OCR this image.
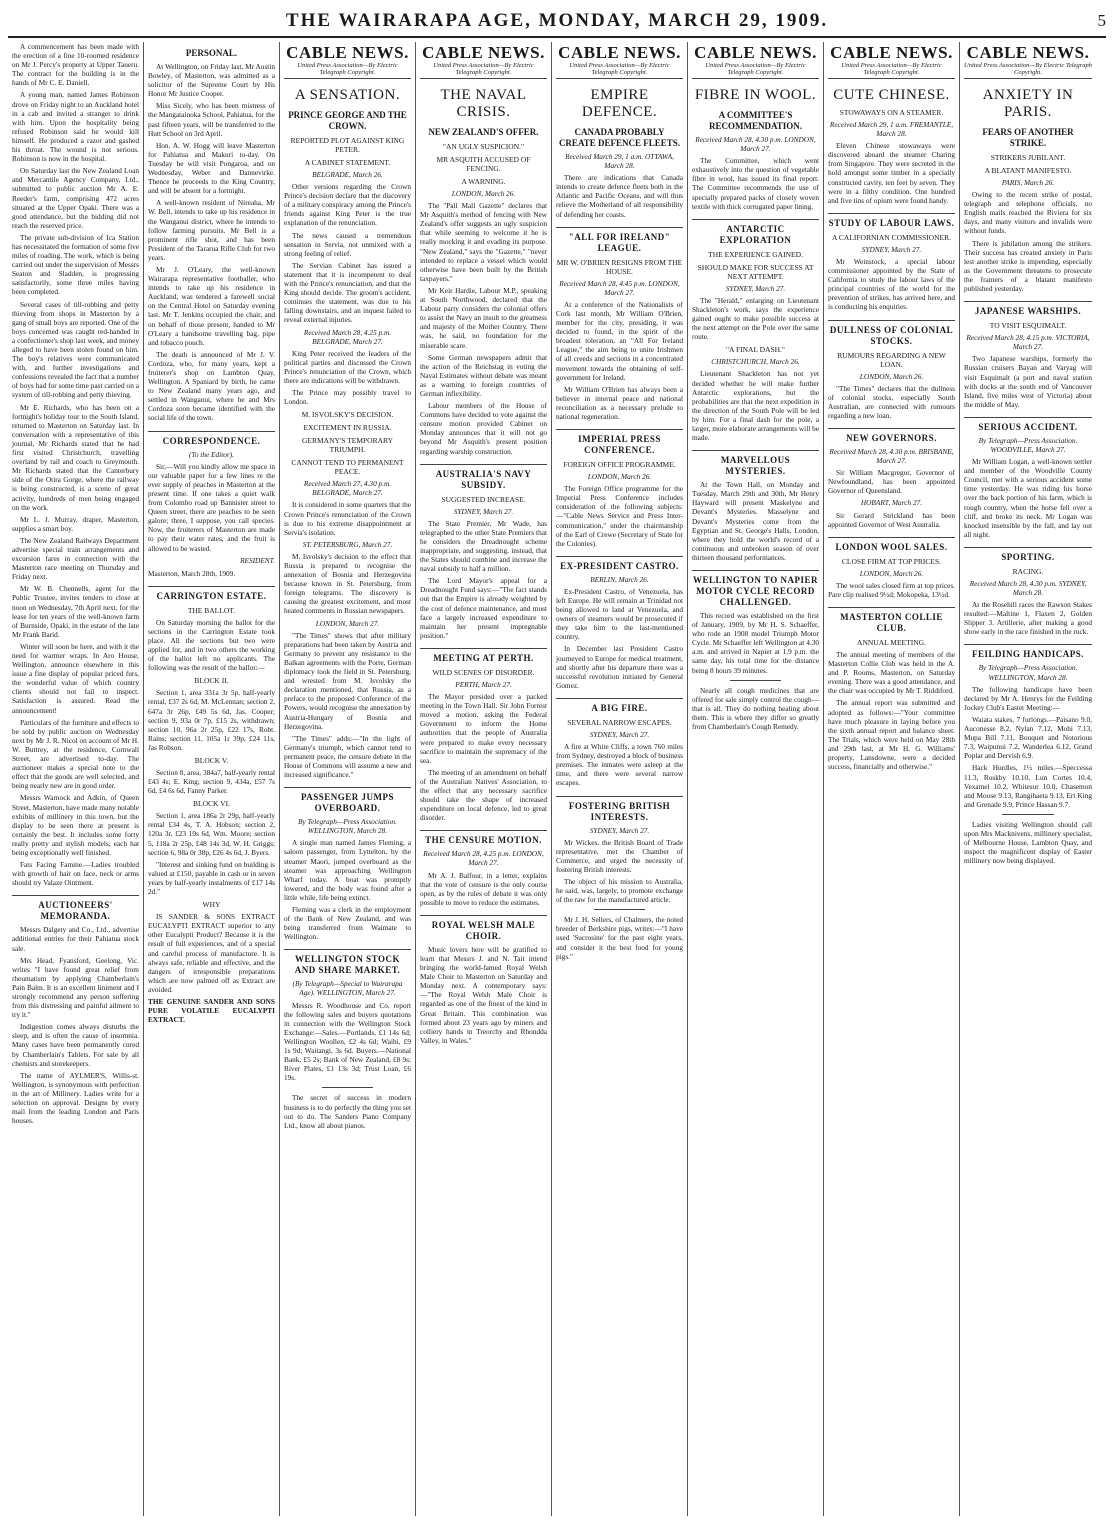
THE WAIRARAPA AGE, MONDAY, MARCH 29, 1909.	5

A commencement has been made with the erection of a fine 10-roomed residence on Mr J. Percy's property at Upper Taueru. The contract for the building is in the hands of Mr C. E. Daniell.

A young man, named James Robinson drove on Friday night to an Auckland hotel in a cab and invited a stranger to drink with him. Upon the hospitality being refused Robinson said he would kill himself. He produced a razor and gashed his throat. The wound is not serious. Robinson is now in the hospital.

On Saturday last the New Zealand Loan and Mercantile Agency Company, Ltd., submitted to public auction Mr A. E. Reeder's farm, comprising 472 acres situated at the Upper Opaki. There was a good attendance, but the bidding did not reach the reserved price.

The private sub-division of Ica Station has necessitated the formation of some five miles of roading. The work, which is being carried out under the supervision of Messrs Seaton and Sladden, is progressing satisfactorily, some three miles having been completed.

Several cases of till-robbing and petty thieving from shops in Masterton by a gang of small boys are reported. One of the boys concerned was caught red-handed in a confectioner's shop last week, and money alleged to have been stolen found on him. The boy's relatives were communicated with, and further investigations and confessions revealed the fact that a number of boys had for some time past carried on a system of till-robbing and petty thieving.

Mr E. Richards, who has been on a fortnight's holiday tour to the South Island, returned to Masterton on Saturday last. In conversation with a representative of this journal, Mr Richards stated that he had first visited Christchurch, travelling overland by rail and coach to Greymouth. Mr Richards stated that the Canterbury side of the Otira Gorge, where the railway is being constructed, is a scene of great activity, hundreds of men being engaged on the work.

Mr L. J. Murray, draper, Masterton, supplies a smart boy.

The New Zealand Railways Department advertise special train arrangements and excursion fares in connection with the Masterton race meeting on Thursday and Friday next.

Mr W. B. Chennells, agent for the Public Trustee, invites tenders to close at noon on Wednesday, 7th April next, for the lease for ten years of the well-known farm of Burnside, Opaki, in the estate of the late Mr Frank Barid.

Winter will soon be here, and with it the need for warmer wraps. In Aro House, Wellington, announce elsewhere in this issue a fine display of popular priced furs, the wonderful value of which country clients should not fail to inspect. Satisfaction is assured. Read the announcement!

Particulars of the furniture and effects to be sold by public auction on Wednesday next by Mr J. R. Nicol on account of Mr H. W. Buttrey, at the residence, Cornwall Street, are advertised to-day. The auctioneer makes a special note to the effect that the goods are well selected, and being nearly new are in good order.

Messrs Warnock and Adkin, of Queen Street, Masterton, have made many notable exhibits of millinery in this town, but the display to be seen there at present is certainly the best. It includes some forty really pretty and stylish models, each hat being exceptionally well finished.

Fats Facing Famine.—Ladies troubled with growth of hair on face, neck or arms should try Valaze Ointment.

AUCTIONEERS' MEMORANDA.

Messrs Dalgety and Co., Ltd., advertise additional entries for their Pahiatua stock sale.

Mrs Head, Fyansford, Geelong, Vic. writes "I have found great relief from rheumatism by applying Chamberlain's Pain Balm. It is an excellent liniment and I strongly recommend any person suffering from this distressing and painful ailment to try it."

Indigestion comes always disturbs the sleep, and is often the cause of insomnia. Many cases have been permanently cured by Chamberlain's Tablets. For sale by all chemists and storekeepers.

The name of AYLMER'S, Willis-st. Wellington, is synonymous with perfection in the art of Millinery. Ladies write for a selection on approval. Designs by every mail from the leading London and Paris houses.

PERSONAL.

At Wellington, on Friday last, Mr Austin Bowley, of Masterton, was admitted as a solicitor of the Supreme Court by His Honor Mr Justice Cooper.

Miss Sicely, who has been mistress of the Mangatainoka School, Pahiatua, for the past fifteen years, will be transferred to the Hutt School on 3rd April.

Hon. A. W. Hogg will leave Masterton for Pahiatua and Makuri to-day. On Tuesday he will visit Pongaroa, and on Wednesday, Weber and Dannevirke. Thence he proceeds to the King Country, and will be absent for a fortnight.

A well-known resident of Nireaha, Mr W. Bell, intends to take up his residence in the Wanganui district, where he intends to follow farming pursuits. Mr Bell is a prominent rifle shot, and has been President of the Tararua Rifle Club for two years.

Mr J. O'Leary, the well-known Wairarapa representative footballer, who intends to take up his residence in Auckland, was tendered a farewell social on the Central Hotel on Saturday evening last. Mr T. Jenkins occupied the chair, and on behalf of those present, handed to Mr O'Leary a handsome travelling bag, pipe and tobacco pouch.

The death is announced of Mr J. V. Cordoza, who, for many years, kept a fruiterer's shop on Lambton Quay, Wellington. A Spaniard by birth, he came to New Zealand many years ago, and settled in Wanganui, where he and Mrs Cordoza soon became identified with the social life of the town.

CORRESPONDENCE.
(To the Editor).

Sir,—Will you kindly allow me space in our valuable paper for a few lines re the ever supply of peaches in Masterton at the present time. If one takes a quiet walk from Colombo road up Bannister street to Queen street, there are peaches to be seen galore; three, I suppose, you call species. Now, the fruiterers of Masterton are made to pay their water rates, and the fruit is allowed to be wasted.

RESIDENT.

Masterton, March 28th, 1909.

CARRINGTON ESTATE.
THE BALLOT.

On Saturday morning the ballot for the sections in the Carrington Estate took place. All the sections but two were applied for, and in two others the working of the ballot left no applicants. The following was the result of the ballot:—

BLOCK II.

Section 1, area 331a 3r 5p, half-yearly rental, £37 2s 6d, M. McLennan; section 2, 647a 3r 26p, £49 5s 6d, Jas. Cooper; section 9, 93a 0r 7p, £15 2s, withdrawn; section 10, 96a 2r 25p, £22 17s, Robt. Rains; section 11, 105a 1r 39p, £24 11s, Jas Robson.

BLOCK V.

Section 8, area, 384a7, half-yearly rental £43 4s; E. King; section 9, 434a, £57 7s 6d, £4 6s 6d, Fanny Parker.

BLOCK VI.

Section 1, area 186a 2r 29p, half-yearly rental £34 4s, T. A. Hobson; section 2, 120a 3r, £23 19s 6d, Wm. Moore; section 5, 118a 2r 25p, £48 14s 3d, W. H. Griggs; section 6, 98a 0r 38p, £26 4s 6d, J. Byers.

"Interest and sinking fund on building is valued at £150, payable in cash or in seven years by half-yearly instalments of £17 14s 2d."

WHY

IS SANDER & SONS EXTRACT EUCALYPTI EXTRACT superior to any other Eucalypti Product? Because it is the result of full experiences, and of a special and careful process of manufacture. It is always safe, reliable and effective, and the dangers of irresponsible preparations which are now palmed off as Extract are avoided.

THE GENUINE SANDER AND SONS PURE VOLATILE EUCALYPTI EXTRACT.

CABLE NEWS.
United Press Association—By Electric Telegraph Copyright.
A SENSATION.
PRINCE GEORGE AND THE CROWN.
REPORTED PLOT AGAINST KING PETER.
A CABINET STATEMENT.
BELGRADE, March 26.

Other versions regarding the Crown Prince's decision declare that the discovery of a military conspiracy among the Prince's friends against King Peter is the true explanation of the renunciation.

The news caused a tremendous sensation in Servia, not unmixed with a strong feeling of relief.

The Servian Cabinet has issued a statement that it is incompetent to deal with the Prince's renunciation, and that the King should decide. The groom's accident, continues the statement, was due to his falling downstairs, and an inquest failed to reveal external injuries.

Received March 28, 4.25 p.m. BELGRADE, March 27.

King Peter received the leaders of the political parties and discussed the Crown Prince's renunciation of the Crown, which there are indications will be withdrawn.

The Prince may possibly travel to London.

M. ISVOLSKY'S DECISION.
EXCITEMENT IN RUSSIA.
GERMANY'S TEMPORARY TRIUMPH.
CANNOT TEND TO PERMANENT PEACE.
Received March 27, 4.30 p.m. BELGRADE, March 27.

It is considered in some quarters that the Crown Prince's renunciation of the Crown is due to his extreme disappointment at Servia's isolation.

ST. PETERSBURG, March 27.

M. Isvolsky's decision to the effect that Russia is prepared to recognise the annexation of Bosnia and Herzegovina because known in St. Petersburg, from foreign telegrams. The discovery is causing the greatest excitement, and most heated comments in Russian newspapers.

LONDON, March 27.

"The Times" shows that after military preparations had been taken by Austria and Germany to prevent any resistance to the Balkan agreements with the Porte, German diplomacy took the field in St. Petersburg, and wrested from M. Isvolsky the declaration mentioned, that Russia, as a preface to the proposed Conference of the Powers, would recognise the annexation by Austria-Hungary of Bosnia and Herzegovina.

"The Times" adds:—"In the light of Germany's triumph, which cannot tend to permanent peace, the censure debate in the House of Commons will assume a new and increased significance."

PASSENGER JUMPS OVERBOARD.
By Telegraph—Press Association. WELLINGTON, March 28.

A single man named James Fleming, a saloon passenger, from Lyttelton, by the steamer Maori, jumped overboard as the steamer was approaching Wellington Wharf today. A boat was promptly lowered, and the body was found after a little while, life being extinct.

Fleming was a clerk in the employment of the Bank of New Zealand, and was being transferred from Waimate to Wellington.

WELLINGTON STOCK AND SHARE MARKET.
(By Telegraph—Special to Wairarapa Age). WELLINGTON, March 27.

Messrs R. Woodhouse and Co. report the following sales and buyers quotations in connection with the Wellington Stock Exchange:—Sales.—Portlands, £1 14s 6d; Wellington Woollen, £2 4s 6d; Waihi, £9 1s 9d; Waitangi, 3s 6d. Buyers.—National Bank, £5 2s; Bank of New Zealand, £8 9s; River Plates, £1 13s 3d; Trust Loan, £6 19s.

The secret of success in modern business is to do perfectly the thing you set out to do. The Sanders Piano Company Ltd., know all about pianos.

CABLE NEWS.
United Press Association—By Electric Telegraph Copyright.
THE NAVAL CRISIS.
NEW ZEALAND'S OFFER.
"AN UGLY SUSPICION."
MR ASQUITH ACCUSED OF FENCING.
A WARNING.
LONDON, March 26.

The "Pall Mall Gazette" declares that Mr Asquith's method of fencing with New Zealand's offer suggests an ugly suspicion that while seeming to welcome it he is really mocking it and evading its purpose. "New Zealand," says the "Gazette," "never intended to replace a vessel which would otherwise have been built by the British taxpayers."

Mr Keir Hardie, Labour M.P., speaking at South Northwood, declared that the Labour party considers the colonial offers to assist the Navy an insult to the greatness and majesty of the Mother Country. There was, he said, no foundation for the miserable scare.

Some German newspapers admit that the action of the Reichstag in voting the Naval Estimates without debate was meant as a warning to foreign countries of German inflexibility.

Labour members of the House of Commons have decided to vote against the censure motion provided Cabinet on Monday announces that it will not go beyond Mr Asquith's present position regarding warship construction.

AUSTRALIA'S NAVY SUBSIDY.
SUGGESTED INCREASE.
SYDNEY, March 27.

The State Premier, Mr Wade, has telegraphed to the other State Premiers that he considers the Dreadnought scheme inappropriate, and suggesting, instead, that the States should combine and increase the naval subsidy to half a million.

The Lord Mayor's appeal for a Dreadnought Fund says:—"The fact stands out that the Empire is already weighted by the cost of defence maintenance, and must face a largely increased expenditure to maintain her present impregnable position."

MEETING AT PERTH.
WILD SCENES OF DISORDER.
PERTH, March 27.

The Mayor presided over a packed meeting in the Town Hall. Sir John Forrest moved a motion, asking the Federal Government to inform the Home authorities that the people of Australia were prepared to make every necessary sacrifice to maintain the supremacy of the sea.

The meeting of an amendment on behalf of the Australian Natives' Association, to the effect that any necessary sacrifice should take the shape of increased expenditure on local defence, led to great disorder.

THE CENSURE MOTION.
Received March 28, 4.25 p.m. LONDON, March 27.

Mr A. J. Balfour, in a letter, explains that the vote of censure is the only course open, as by the rules of debate it was only possible to move to reduce the estimates.

ROYAL WELSH MALE CHOIR.

Music lovers here will be gratified to learn that Messrs J. and N. Tait intend bringing the world-famed Royal Welsh Male Choir to Masterton on Saturday and Monday next. A contemporary says:—"The Royal Welsh Male Choir is regarded as one of the finest of the kind in Great Britain. This combination was formed about 23 years ago by miners and colliery hands in Treorchy and Rhondda Valley, in Wales."

CABLE NEWS.
United Press Association—By Electric Telegraph Copyright.
EMPIRE DEFENCE.
CANADA PROBABLY CREATE DEFENCE FLEETS.
Received March 29, 1 a.m. OTTAWA, March 28.

There are indications that Canada intends to create defence fleets both in the Atlantic and Pacific Oceans, and will thus relieve the Motherland of all responsibility of defending her coasts.

"ALL FOR IRELAND" LEAGUE.
MR W. O'BRIEN RESIGNS FROM THE HOUSE.
Received March 28, 4.45 p.m. LONDON, March 27.

At a conference of the Nationalists of Cork last month, Mr William O'Brien, member for the city, presiding, it was decided to found, in the spirit of the broadest toleration, an "All For Ireland League," the aim being to unite Irishmen of all creeds and sections in a concentrated movement towards the obtaining of self-government for Ireland.

Mr William O'Brien has always been a believer in internal peace and national reconciliation as a necessary prelude to national regeneration.

IMPERIAL PRESS CONFERENCE.
FOREIGN OFFICE PROGRAMME.
LONDON, March 26.

The Foreign Office programme for the Imperial Press Conference includes consideration of the following subjects:—"Cable News Service and Press Inter-communication," under the chairmanship of the Earl of Crewe (Secretary of State for the Colonies).

EX-PRESIDENT CASTRO.
BERLIN, March 26.

Ex-President Castro, of Venezuela, has left Europe. He will remain at Trinidad not being allowed to land at Venezuela, and owners of steamers would be prosecuted if they take him to the last-mentioned country.

In December last President Castro journeyed to Europe for medical treatment, and shortly after his departure there was a successful revolution initiated by General Gomez.

A BIG FIRE.
SEVERAL NARROW ESCAPES.
SYDNEY, March 27.

A fire at White Cliffs, a town 760 miles from Sydney, destroyed a block of business premises. The inmates were asleep at the time, and there were several narrow escapes.

FOSTERING BRITISH INTERESTS.
SYDNEY, March 27.

Mr Wickes, the British Board of Trade representative, met the Chamber of Commerce, and urged the necessity of fostering British interests.

The object of his mission to Australia, he said, was, largely, to promote exchange of the raw for the manufactured article.

Mr J. H. Sellers, of Chalmers, the noted breeder of Berkshire pigs, writes:—"I have used 'Sucrosine' for the past eight years, and consider it the best food for young pigs."

CABLE NEWS.
United Press Association—By Electric Telegraph Copyright.
FIBRE IN WOOL.
A COMMITTEE'S RECOMMENDATION.
Received March 28, 4.30 p.m. LONDON, March 27.

The Committee, which went exhaustively into the question of vegetable fibre in wool, has issued its final report. The Committee recommends the use of specially prepared packs of closely woven textile with thick corrugated paper lining.

ANTARCTIC EXPLORATION
THE EXPERIENCE GAINED.
SHOULD MAKE FOR SUCCESS AT NEXT ATTEMPT.
SYDNEY, March 27.

The "Herald," enlarging on Lieutenant Shackleton's work, says the experience gained ought to make possible success at the next attempt on the Pole over the same route.

"A FINAL DASH."
CHRISTCHURCH, March 26.

Lieutenant Shackleton has not yet decided whether he will make further Antarctic explorations, but the probabilities are that the next expedition in the direction of the South Pole will be led by him. For a final dash for the pole, a larger, more elaborate arrangements will be made.

MARVELLOUS MYSTERIES.

At the Town Hall, on Monday and Tuesday, March 29th and 30th, Mr Henry Hayward will present Maskelyne and Devant's Mysteries. Masselyne and Devant's Mysteries come from the Egyptian and St. George's Halls, London, where they hold the world's record of a continuous and unbroken season of over thirteen thousand performances.

WELLINGTON TO NAPIER MOTOR CYCLE RECORD CHALLENGED.

This record was established on the first of January, 1909, by Mr H. S. Schaeffer, who rode an 1908 model Triumph Motor Cycle. Mr Schaeffer left Wellington at 4.30 a.m. and arrived in Napier at 1.9 p.m. the same day, his total time for the distance being 8 hours 39 minutes.

Nearly all cough medicines that are offered for sale simply control the cough—that is all. They do nothing healing about them. This is where they differ so greatly from Chamberlain's Cough Remedy.

CABLE NEWS.
United Press Association—By Electric Telegraph Copyright.
CUTE CHINESE.
STOWAWAYS ON A STEAMER.
Received March 29, 1 a.m. FREMANTLE, March 28.

Eleven Chinese stowaways were discovered aboard the steamer Charing from Singapore. They were secreted in the hold amongst some timber in a specially constructed cavity, ten feet by seven. They were in a filthy condition. One hundred and five tins of opium were found handy.

STUDY OF LABOUR LAWS.
A CALIFORNIAN COMMISSIONER.
SYDNEY, March 27.

Mr Weinstock, a special labour commissioner appointed by the State of California to study the labour laws of the principal countries of the world for the prevention of strikes, has arrived here, and is conducting his enquiries.

DULLNESS OF COLONIAL STOCKS.
RUMOURS REGARDING A NEW LOAN.
LONDON, March 26.

"The Times" declares that the dullness of colonial stocks, especially South Australian, are connected with rumours regarding a new loan.

NEW GOVERNORS.
Received March 28, 4.30 p.m. BRISBANE, March 27.

Sir William Macgregor, Governor of Newfoundland, has been appointed Governor of Queensland.

HOBART, March 27.

Sir Gerard Strickland has been appointed Governor of West Australia.

LONDON WOOL SALES.
CLOSE FIRM AT TOP PRICES.
LONDON, March 26.

The wool sales closed firm at top prices. Pare clip realised 9½d; Mokopeka, 13½d.

MASTERTON COLLIE CLUB.
ANNUAL MEETING.

The annual meeting of members of the Masterton Collie Club was held in the A. and P. Rooms, Masterton, on Saturday evening. There was a good attendance, and the chair was occupied by Mr T. Riddiford.

The annual report was submitted and adopted as follows:—"Your committee have much pleasure in laying before you the sixth annual report and balance sheet. The Trials, which were held on May 28th and 29th last, at Mr H. G. Williams' property, Lansdowne, were a decided success, financially and otherwise."

CABLE NEWS.
United Press Association—By Electric Telegraph Copyright.
ANXIETY IN PARIS.
FEARS OF ANOTHER STRIKE.
STRIKERS JUBILANT.
A BLATANT MANIFESTO.
PARIS, March 26.

Owing to the recent strike of postal, telegraph and telephone officials, no English mails reached the Riviera for six days, and many visitors and invalids were without funds.

There is jubilation among the strikers. Their success has created anxiety in Paris lest another strike is impending, especially as the Government threatens to prosecute the framers of a blatant manifesto published yesterday.

JAPANESE WARSHIPS.
TO VISIT ESQUIMALT.
Received March 28, 4.15 p.m. VICTORIA, March 27.

Two Japanese warships, formerly the Russian cruisers Bayan and Varyag will visit Esquimalt (a port and naval station with docks at the south end of Vancouver Island, five miles west of Victoria) about the middle of May.

SERIOUS ACCIDENT.
By Telegraph—Press Association. WOODVILLE, March 27.

Mr William Logan, a well-known settler and member of the Woodville County Council, met with a serious accident some time yesterday. He was riding his horse over the back portion of his farm, which is rough country, when the horse fell over a cliff, and broke its neck. Mr Logan was knocked insensible by the fall, and lay out all night.

SPORTING.
RACING.
Received March 28, 4.30 p.m. SYDNEY, March 28.

At the Rosehill races the Rawson Stakes resulted:—Maltine 1, Flaxen 2, Golden Slipper 3. Artillerie, after making a good show early in the race finished in the ruck.

FEILDING HANDICAPS.
By Telegraph—Press Association. WELLINGTON, March 28.

The following handicaps have been declared by Mr A. Henrys for the Feilding Jockey Club's Easter Meeting:—

Waiata stakes, 7 furlongs.—Paisano 9.0, Auconesse 8.2, Nylan 7.12, Mohi 7.13, Mupa Bill 7.11, Bouquet and Notorious 7.3, Waipunui 7.2, Wanderlea 6.12, Grand Poplar and Dervish 6.9.

Hack Hurdles, 1½ miles.—Speccessa 11.3, Roskby 10.10, Lun Cortes 10.4, Vexamel 10.2, Whitesur 10.0, Chasemon and Moose 9.13, Rangihaeta 9.13, Ert King and Grenade 9.9, Prince Hassan 9.7.

Ladies visiting Wellington should call upon Mrs Macknivens, millinery specialist, of Melbourne House, Lambton Quay, and inspect the magnificent display of Easter millinery now being displayed.
